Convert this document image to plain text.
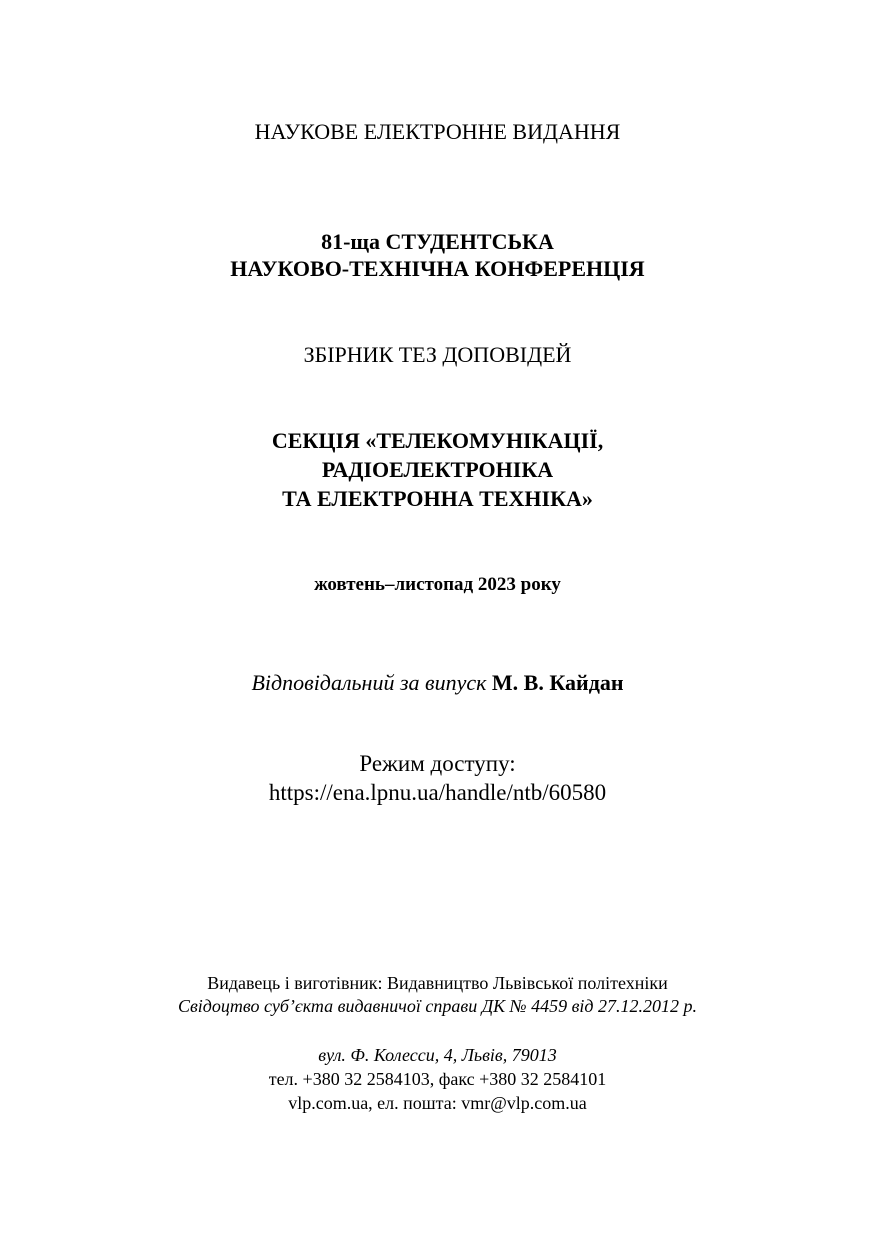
НАУКОВЕ ЕЛЕКТРОННЕ ВИДАННЯ
81-ща СТУДЕНТСЬКА
НАУКОВО-ТЕХНІЧНА КОНФЕРЕНЦІЯ
ЗБІРНИК ТЕЗ ДОПОВІДЕЙ
СЕКЦІЯ «ТЕЛЕКОМУНІКАЦІЇ,
РАДІОЕЛЕКТРОНІКА
ТА ЕЛЕКТРОННА ТЕХНІКА»
жовтень–листопад 2023 року
Відповідальний за випуск М. В. Кайдан
Режим доступу:
https://ena.lpnu.ua/handle/ntb/60580
Видавець і виготівник: Видавництво Львівської політехніки
Свідоцтво суб’єкта видавничої справи ДК № 4459 від 27.12.2012 р.
вул. Ф. Колесси, 4, Львів, 79013
тел. +380 32 2584103, факс +380 32 2584101
vlp.com.ua, ел. пошта: vmr@vlp.com.ua
